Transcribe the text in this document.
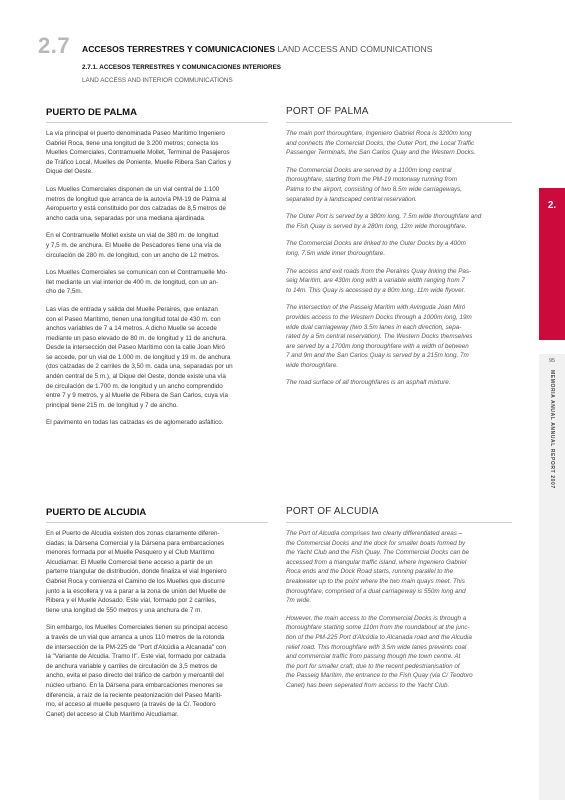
2.7 ACCESOS TERRESTRES Y COMUNICACIONES LAND ACCESS AND COMUNICATIONS
2.7.1. ACCESOS TERRESTRES Y COMUNICACIONES INTERIORES
LAND ACCESS AND INTERIOR COMMUNICATIONS
PUERTO DE PALMA	PORT OF PALMA

La vía principal el puerto denominada Paseo Marítimo Ingeniero
Gabriel Roca, tiene una longitud de 3.200 metros; conecta los
Muelles Comerciales, Contramuelle Mollet, Terminal de Pasajeros
de Tráfico Local, Muelles de Poniente, Muelle Ribera San Carlos y
Dique del Oeste.

Los Muelles Comerciales disponen de un vial central de 1.100
metros de longitud que arranca de la autovía PM-19 de Palma al
Aeropuerto y está constituido por dos calzadas de 8,5 metros de
ancho cada una, separadas por una mediana ajardinada.

En el Contramuelle Mollet existe un vial de 380 m. de longitud
y 7,5 m. de anchura. El Muelle de Pescadores tiene una vía de
circulación de 280 m. de longitud, con un ancho de 12 metros.

Los Muelles Comerciales se comunican con el Contramuelle Mo-
llet mediante un vial interior de 400 m. de longitud, con un an-
cho de 7,5m.

Las vías de entrada y salida del Muelle Peraires, que enlazan
con el Paseo Marítimo, tienen una longitud total de 430 m. con
anchos variables de 7 a 14 metros. A dicho Muelle se accede
mediante un paso elevado de 80 m. de longitud y 11 de anchura.
Desde la intersección del Paseo Marítimo con la calle Joan Miró
se accede, por un vial de 1.000 m. de longitud y 19 m. de anchura
(dos calzadas de 2 carriles de 3,50 m. cada una, separadas por un
andén central de 5 m.), al Dique del Oeste, donde existe una vía
de circulación de 1.700 m. de longitud y un ancho comprendido
entre 7 y 9 metros, y al Muelle de Ribera de San Carlos, cuya vía
principal tiene 215 m. de longitud y 7 de ancho.

El pavimento en todas las calzadas es de aglomerado asfáltico.

The main port thoroughfare, Ingeniero Gabriel Roca is 3200m long
and connects the Comercial Docks, the Outer Port, the Local Traffic
Passenger Terminals, the San Carlos Quay and the Western Docks.

The Commercial Docks are served by a 1100m long central
thoroughfare, starting from the PM-19 motorway running from
Palma to the airport, consisting of two 8.5m wide carriageways,
separated by a landscaped central reservation.

The Outer Port is served by a 380m long, 7.5m wide thoroughfare and
the Fish Quay is served by a 280m long, 12m wide thoroughfare.

The Commercial Docks are linked to the Outer Docks by a 400m
long, 7.5m wide inner thoroughfare.

The access and exit roads from the Peraires Quay linking the Pas-
seig Marítim, are 430m long with a variable width ranging from 7
to 14m. This Quay is accessed by a 80m long, 11m wide flyover.

The intersection of the Passeig Marítim with Avinguda Joan Miró
provides access to the Western Docks through a 1000m long, 19m
wide dual carriageway (two 3.5m lanes in each direction, sepa-
rated by a 5m central reservation). The Western Docks themselves
are served by a 1700m long thoroughfare with a width of between
7 and 9m and the San Carlos Quay is served by a 215m long, 7m
wide thoroughfare.

The road surface of all thoroughfares is an asphalt mixture.

PUERTO DE ALCUDIA	PORT OF ALCUDIA

En el Puerto de Alcudia existen dos zonas claramente diferen-
ciadas; la Dársena Comercial y la Dársena para embarcaciones
menores formada por el Muelle Pesquero y el Club Marítimo
Alcudiamar. El Muelle Comercial tiene acceso a partir de un
parterre triangular de distribución, donde finaliza el vial Ingeniero
Gabriel Roca y comienza el Camino de los Muelles que discurre
junto a la escollera y va a parar a la zona de unión del Muelle de
Ribera y el Muelle Adosado. Este vial, formado por 2 carriles,
tiene una longitud de 550 metros y una anchura de 7 m.

Sin embargo, los Muelles Comerciales tienen su principal acceso
a través de un vial que arranca a unos 110 metros de la rotonda
de intersección de la PM-225 de "Port d'Alcúdia a Alcanada" con
la "Variante de Alcudia. Tramo II". Este vial, formado por calzada
de anchura variable y carriles de circulación de 3,5 metros de
ancho, evita el paso directo del tráfico de carbón y mercantil del
núcleo urbano. En la Dársena para embarcaciones menores se
diferencia, a raíz de la reciente peatonización del Paseo Maríti-
mo, el acceso al muelle pesquero (a través de la C/. Teodoro
Canet) del acceso al Club Marítimo Alcudiamar.

The Port of Alcudia comprises two clearly differentiated areas –
the Commercial Docks and the dock for smaller boats formed by
the Yacht Club and the Fish Quay. The Commercial Docks can be
accessed from a triangular traffic island, where Ingeniero Gabriel
Roca ends and the Dock Road starts, running parallel to the
breakwater up to the point where the two main quays meet. This
thoroughfare, comprised of a dual carriageway is 550m long and
7m wide.

However, the main access to the Commercial Docks is through a
thoroughfare starting some 110m from the roundabout at the junc-
tion of the PM-225 Port d'Alcúdia to Alcanada road and the Alcudia
relief road. This thoroughfare with 3.5m wide lanes prevents coal
and commercial traffic from passing though the town centre. At
the port for smaller craft, due to the recent pedestrianisation of
the Passeig Marítim, the entrance to the Fish Quay (via C/ Teodoro
Canet) has been seperated from access to the Yacht Club.

2.
95
MEMORIA ANUAL ANNUAL REPORT 2007
